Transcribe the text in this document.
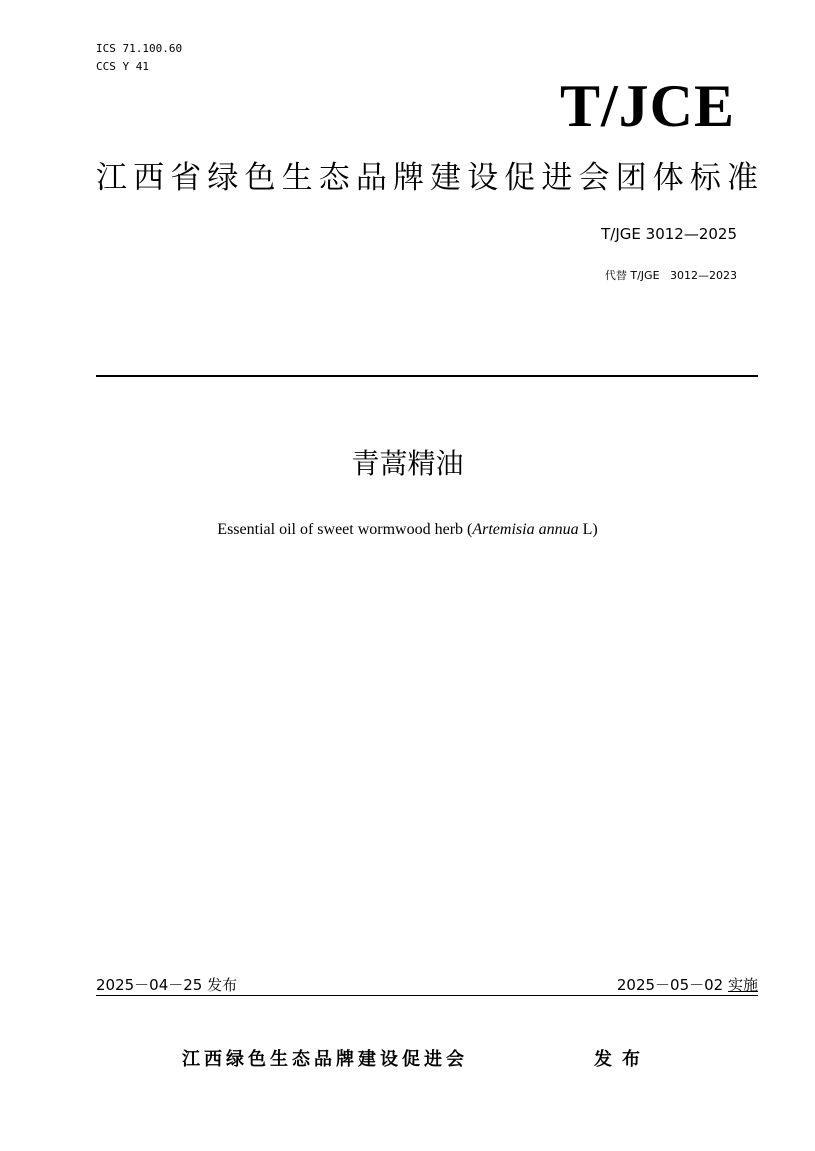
ICS 71.100.60
CCS Y 41
T/JCE
江西省绿色生态品牌建设促进会团体标准
T/JGE 3012—2025
代替 T/JGE   3012—2023
青蒿精油
Essential oil of sweet wormwood herb (Artemisia annua L)
2025－04－25 发布	2025－05－02 实施
江西绿色生态品牌建设促进会	发布
